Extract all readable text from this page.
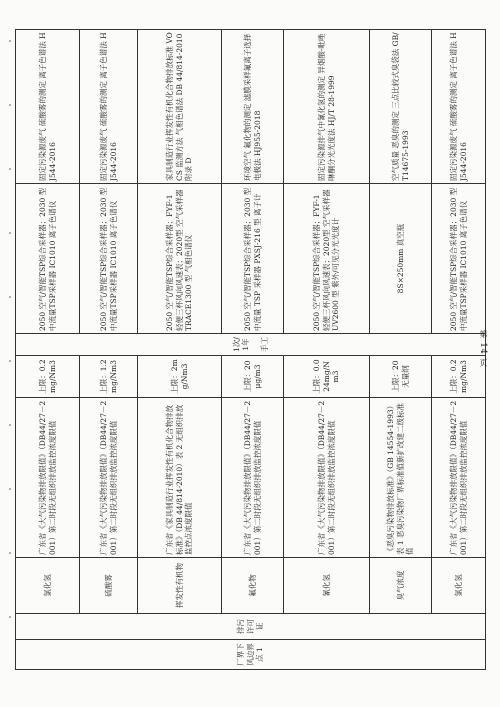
厂界下风边界点 1	排污许可证	氯化氢	广东省《大气污染物排放限值》（DB44/27－2001）第二时段无组织排放监控浓度限值	上限：0.2mg/Nm3	1次/1年 手工	2050 空气/智能TSP综合采样器；2030 型 中流量TSP采样器 IC1010 离子色谱仪	固定污染源废气 硫酸雾的测定 离子色谱法 HJ544-2016
		硫酸雾	广东省《大气污染物排放限值》（DB44/27－2001）第二时段无组织排放监控浓度限值	上限：1.2mg/Nm3		2050 空气/智能TSP综合采样器；2030 型 中流量TSP采样器 IC1010 离子色谱仪	固定污染源废气 硫酸雾的测定 离子色谱法 HJ544-2016
		挥发性有机物	广东省《家具制造行业挥发性有机化合物排放标准》（DB 44/814-2010）表 2 无组织排放监控点浓度限值	上限：2mg/Nm3		2050 空气/智能TSP综合采样器；FYF-1 轻便三杯风向风速表；2020型 空气采样器 TRACE1300 型 气相色谱仪	家具制造行业挥发性有机化合物排放标准 VOCS 监测方法 气相色谱法 DB 44/814-2010 附录 D
		氟化物	广东省《大气污染物排放限值》（DB44/27－2001）第二时段无组织排放监控浓度限值	上限：20 μg/m3		2050 空气/智能TSP综合采样器；2030 型 中流量 TSP 采样器 PXSJ-216 型 离子计	环境空气 氟化物的测定 滤膜采样氟离子选择电极法 HJ955-2018
		氰化氢	广东省《大气污染物排放限值》（DB44/27－2001）第二时段无组织排放监控浓度限值	上限：0.024mg/Nm3		2050 空气/智能TSP综合采样器；FYF-1 轻便三杯风向风速表；2020型 空气采样器 UV2600 型 紫外/可见分光光度计	固定污染源排气中氰化氢的测定 异烟酸-吡唑啉酮分光光度法 HJ/T 28-1999
		臭气浓度	《恶臭污染物排放标准》（GB 14554-1993）表 1 恶臭污染物厂界标准值新扩改建二级标准值	上限：20 无量纲		8S×250mm 真空瓶	空气质量 恶臭的测定 三点比较式臭袋法 GB/T14675-1993
		氯化氢	广东省《大气污染物排放限值》（DB44/27－2001）第二时段无组织排放监控浓度限值	上限：0.2mg/Nm3		2050 空气/智能TSP综合采样器；2030 型 中流量TSP采样器 IC1010 离子色谱仪	固定污染源废气 硫酸雾的测定 离子色谱法 HJ544-2016
第 14 页
